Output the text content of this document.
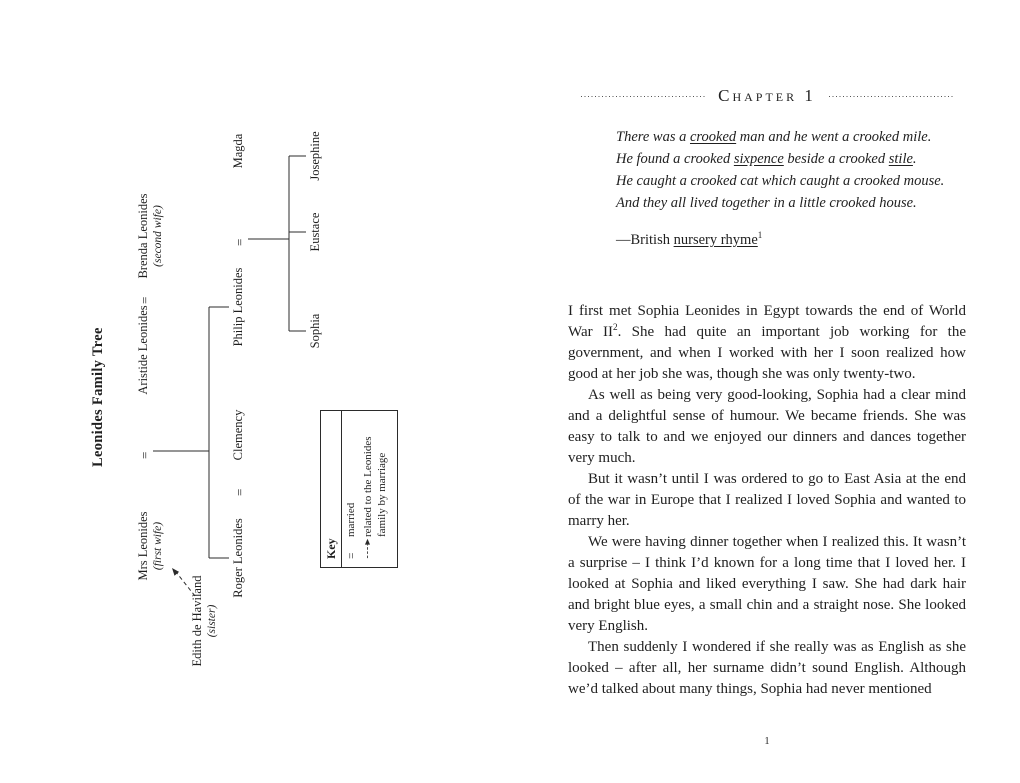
Leonides Family Tree
Mrs Leonides (first wife)
=
Aristide Leonides
=
Brenda Leonides (second wife)
Edith de Haviland (sister)
Roger Leonides
=
Clemency
Philip Leonides
=
Magda
Sophia
Eustace
Josephine
Key =
married related to the Leonides family by marriage
Chapter 1
There was a crooked man and he went a crooked mile.
He found a crooked sixpence beside a crooked stile.
He caught a crooked cat which caught a crooked mouse.
And they all lived together in a little crooked house.
—British nursery rhyme$^1$

I first met Sophia Leonides in Egypt towards the end of World War $II^2$. She had quite an important job working for the government, and when I worked with her I soon realized how good at her job she was, though she was only twenty-two.

As well as being very good-looking, Sophia had a clear mind and a delightful sense of humour. We became friends. She was easy to talk to and we enjoyed our dinners and dances together very much.

But it wasn’t until I was ordered to go to East Asia at the end of the war in Europe that I realized I loved Sophia and wanted to marry her.

We were having dinner together when I realized this. It wasn’t a surprise – I think I’d known for a long time that I loved her. I looked at Sophia and liked everything I saw. She had dark hair and bright blue eyes, a small chin and a straight nose. She looked very English.

Then suddenly I wondered if she really was as English as she looked – after all, her surname didn’t sound English. Although we’d talked about many things, Sophia had never mentioned

1
